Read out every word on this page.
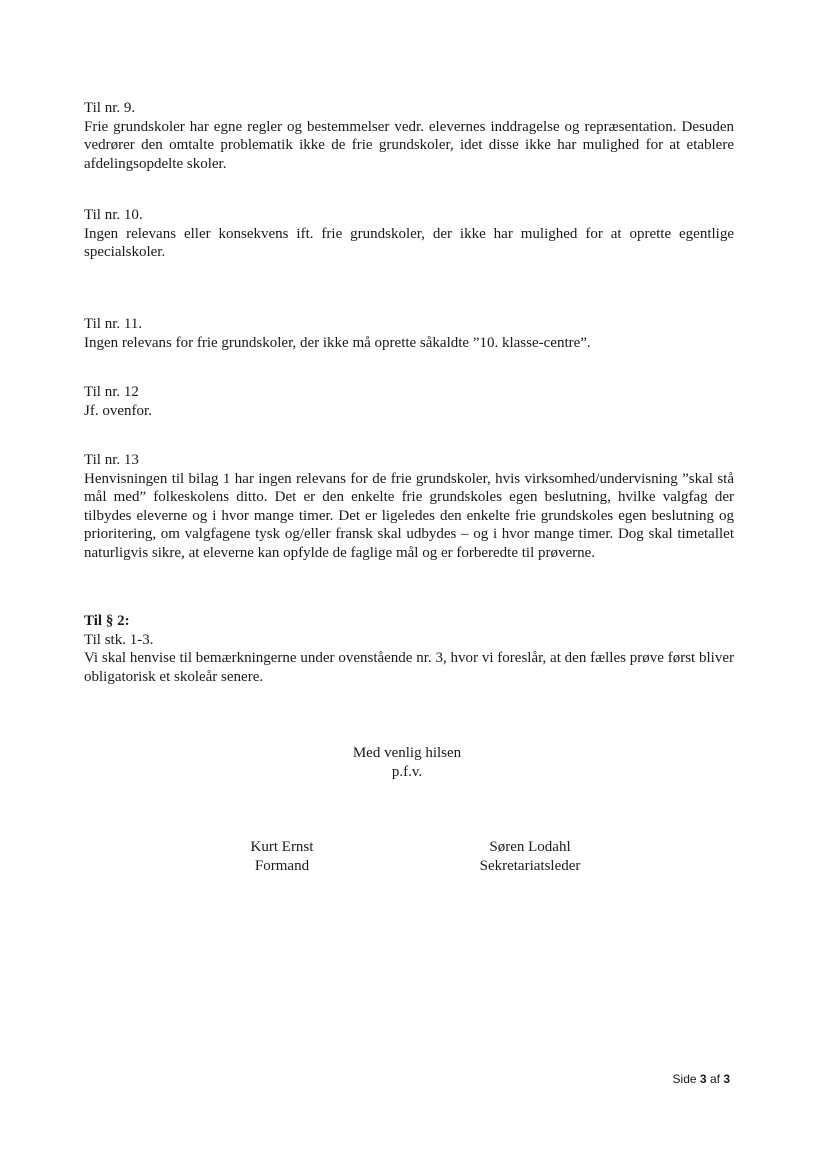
Til nr. 9.
Frie grundskoler har egne regler og bestemmelser vedr. elevernes inddragelse og repræsentation. Desuden vedrører den omtalte problematik ikke de frie grundskoler, idet disse ikke har mulighed for at etablere afdelingsopdelte skoler.
Til nr. 10.
Ingen relevans eller konsekvens ift. frie grundskoler, der ikke har mulighed for at oprette egentlige specialskoler.
Til nr. 11.
Ingen relevans for frie grundskoler, der ikke må oprette såkaldte ”10. klasse-centre”.
Til nr. 12
Jf. ovenfor.
Til nr. 13
Henvisningen til bilag 1 har ingen relevans for de frie grundskoler, hvis virksomhed/undervisning ”skal stå mål med” folkeskolens ditto. Det er den enkelte frie grundskoles egen beslutning, hvilke valgfag der tilbydes eleverne og i hvor mange timer. Det er ligeledes den enkelte frie grundskoles egen beslutning og prioritering, om valgfagene tysk og/eller fransk skal udbydes – og i hvor mange timer. Dog skal timetallet naturligvis sikre, at eleverne kan opfylde de faglige mål og er forberedte til prøverne.
Til § 2:
Til stk. 1-3.
Vi skal henvise til bemærkningerne under ovenstående nr. 3, hvor vi foreslår, at den fælles prøve først bliver obligatorisk et skoleår senere.
Med venlig hilsen
p.f.v.
Kurt Ernst
Formand
Søren Lodahl
Sekretariatsleder
Side 3 af 3
